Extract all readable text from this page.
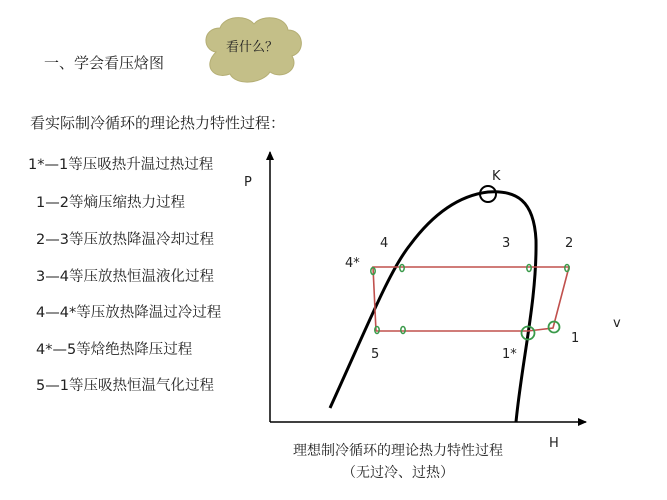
一、学会看压焓图
看什么？
看实际制冷循环的理论热力特性过程：
1*—1等压吸热升温过热过程
1—2等熵压缩热力过程
2—3等压放热降温冷却过程
3—4等压放热恒温液化过程
4—4*等压放热降温过冷过程
4*—5等焓绝热降压过程
5—1等压吸热恒温气化过程
P
H
v
K
4	3	2
4*
1
5	1*
理想制冷循环的理论热力特性过程
（无过冷、过热）
